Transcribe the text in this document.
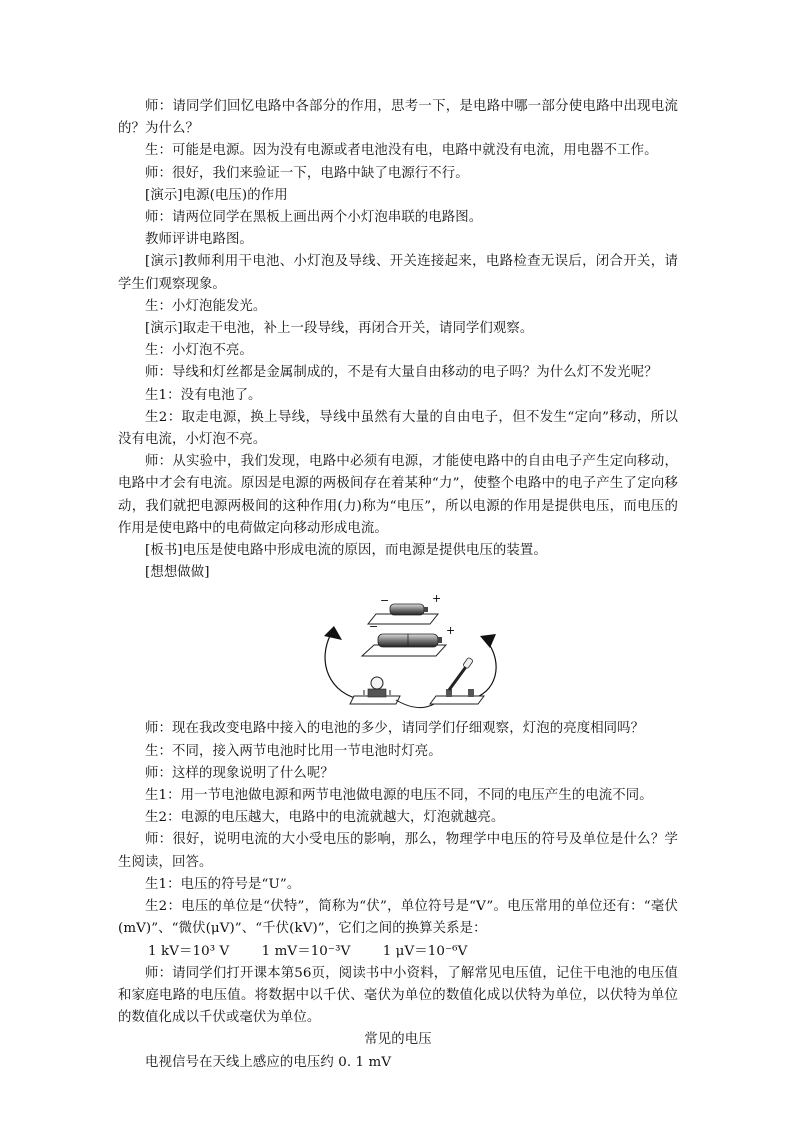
师：请同学们回忆电路中各部分的作用，思考一下，是电路中哪一部分使电路中出现电流的？为什么？

生：可能是电源。因为没有电源或者电池没有电，电路中就没有电流，用电器不工作。

师：很好，我们来验证一下，电路中缺了电源行不行。

[演示]电源(电压)的作用

师：请两位同学在黑板上画出两个小灯泡串联的电路图。

教师评讲电路图。

[演示]教师利用干电池、小灯泡及导线、开关连接起来，电路检查无误后，闭合开关，请学生们观察现象。

生：小灯泡能发光。

[演示]取走干电池，补上一段导线，再闭合开关，请同学们观察。

生：小灯泡不亮。

师：导线和灯丝都是金属制成的，不是有大量自由移动的电子吗？为什么灯不发光呢？

生1：没有电池了。

生2：取走电源，换上导线，导线中虽然有大量的自由电子，但不发生“定向”移动，所以没有电流，小灯泡不亮。

师：从实验中，我们发现，电路中必须有电源，才能使电路中的自由电子产生定向移动，电路中才会有电流。原因是电源的两极间存在着某种“力”，使整个电路中的电子产生了定向移动，我们就把电源两极间的这种作用(力)称为“电压”，所以电源的作用是提供电压，而电压的作用是使电路中的电荷做定向移动形成电流。

[板书]电压是使电路中形成电流的原因，而电源是提供电压的装置。

[想想做做]

−	+
−	+

师：现在我改变电路中接入的电池的多少，请同学们仔细观察，灯泡的亮度相同吗？

生：不同，接入两节电池时比用一节电池时灯亮。

师：这样的现象说明了什么呢？

生1：用一节电池做电源和两节电池做电源的电压不同，不同的电压产生的电流不同。

生2：电源的电压越大，电路中的电流就越大，灯泡就越亮。

师：很好，说明电流的大小受电压的影响，那么，物理学中电压的符号及单位是什么？学生阅读，回答。

生1：电压的符号是“U”。

生2：电压的单位是“伏特”，简称为“伏”，单位符号是“V”。电压常用的单位还有：“毫伏(mV)”、“微伏(μV)”、“千伏(kV)”，它们之间的换算关系是：

1 kV＝10³ V 1 mV＝10⁻³V 1 μV＝10⁻⁶V

师：请同学们打开课本第56页，阅读书中小资料，了解常见电压值，记住干电池的电压值和家庭电路的电压值。将数据中以千伏、毫伏为单位的数值化成以伏特为单位，以伏特为单位的数值化成以千伏或毫伏为单位。

常见的电压

电视信号在天线上感应的电压约 0. 1 mV
